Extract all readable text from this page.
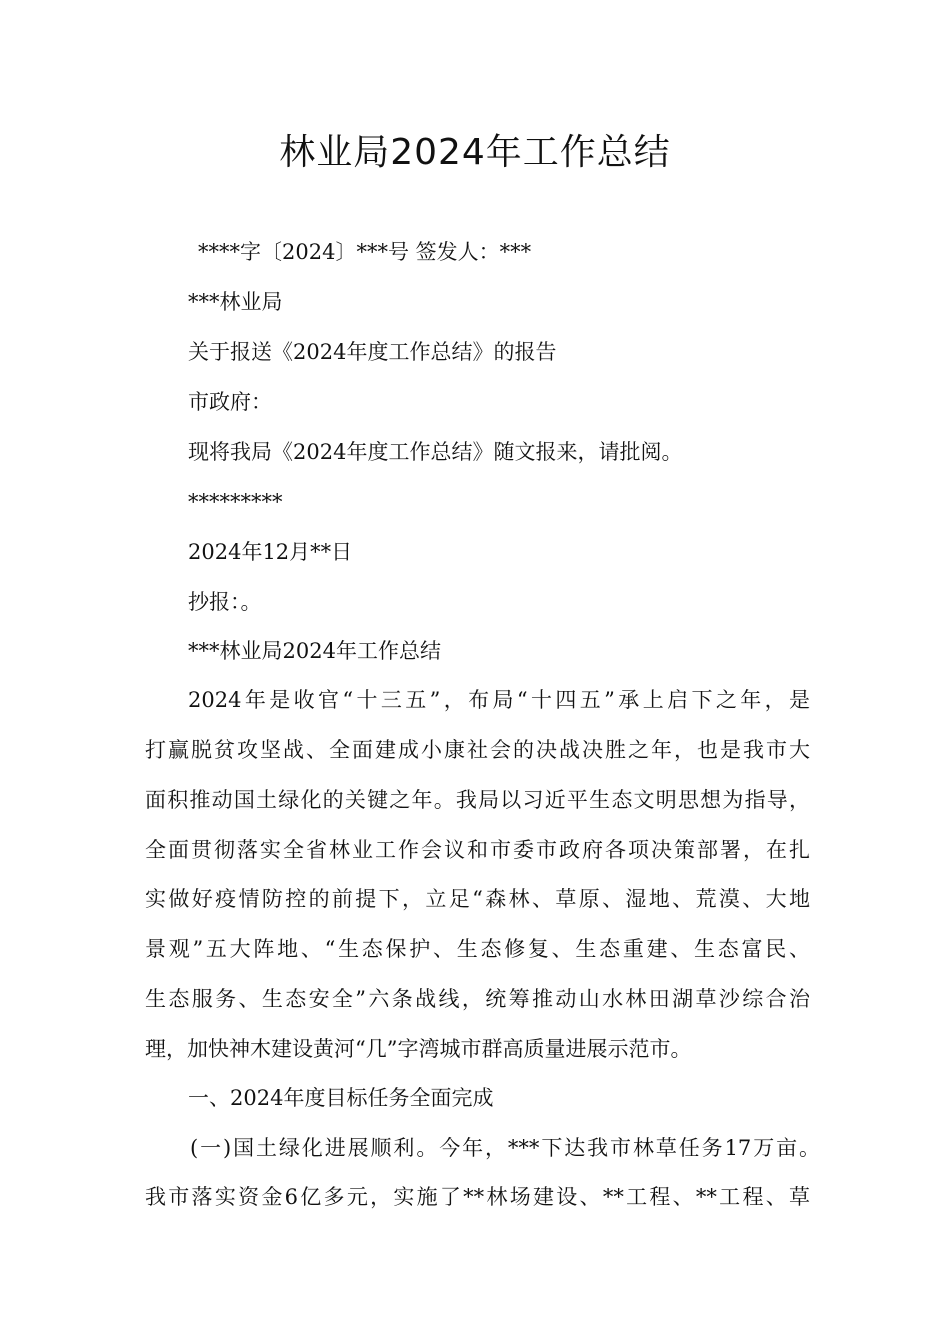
林业局2024年工作总结
****字〔2024〕***号 签发人：***
***林业局
关于报送《2024年度工作总结》的报告
市政府：
现将我局《2024年度工作总结》随文报来，请批阅。
*********
2024年12月**日
抄报：。
***林业局2024年工作总结
2024年是收官“十三五”，布局“十四五”承上启下之年，是
打赢脱贫攻坚战、全面建成小康社会的决战决胜之年，也是我市大
面积推动国土绿化的关键之年。我局以习近平生态文明思想为指导，
全面贯彻落实全省林业工作会议和市委市政府各项决策部署，在扎
实做好疫情防控的前提下，立足“森林、草原、湿地、荒漠、大地
景观”五大阵地、“生态保护、生态修复、生态重建、生态富民、
生态服务、生态安全”六条战线，统筹推动山水林田湖草沙综合治
理，加快神木建设黄河“几”字湾城市群高质量进展示范市。
一、2024年度目标任务全面完成
(一)国土绿化进展顺利。今年，***下达我市林草任务17万亩。
我市落实资金6亿多元，实施了**林场建设、**工程、**工程、草
